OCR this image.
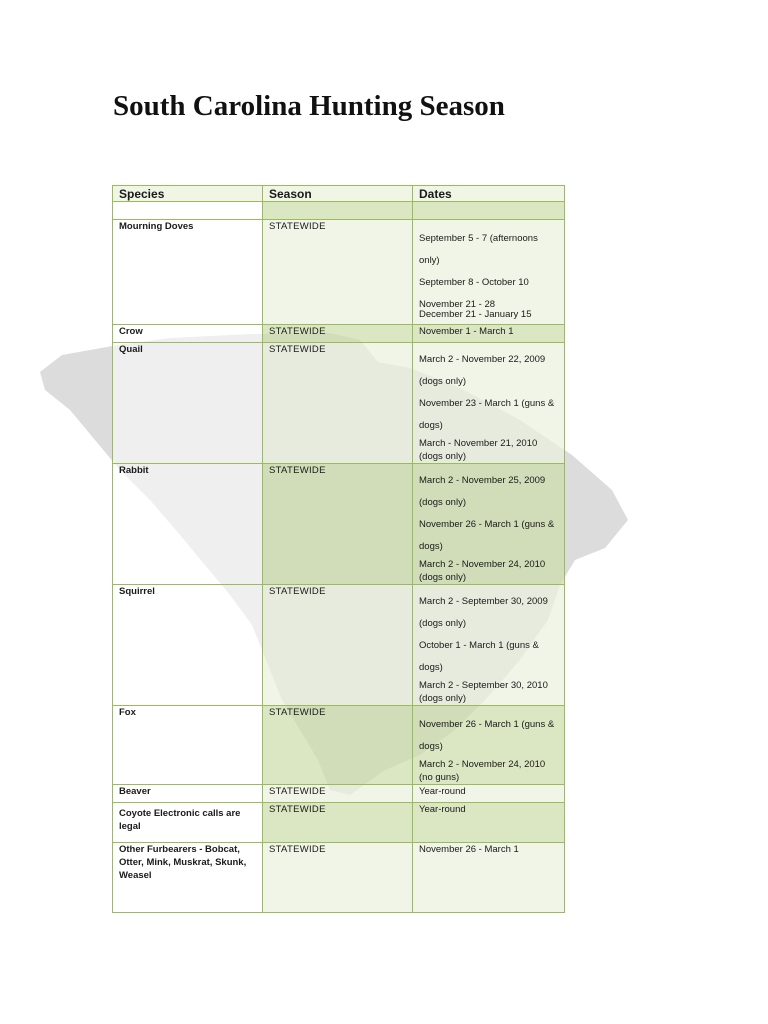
South Carolina Hunting Season
Species	Season	Dates

Mourning Doves	STATEWIDE	September 5 - 7 (afternoons only)
September 8 - October 10
November 21 - 28
December 21 - January 15

Crow	STATEWIDE	November 1 - March 1

Quail	STATEWIDE	March 2 - November 22, 2009 (dogs only)
November 23 - March 1 (guns & dogs)
March - November 21, 2010 (dogs only)

Rabbit	STATEWIDE	March 2 - November 25, 2009 (dogs only)
November 26 - March 1 (guns & dogs)
March 2 - November 24, 2010 (dogs only)

Squirrel	STATEWIDE	March 2 - September 30, 2009 (dogs only)
October 1 - March 1 (guns & dogs)
March 2 - September 30, 2010 (dogs only)

Fox	STATEWIDE	November 26 - March 1 (guns & dogs)
March 2 - November 24, 2010 (no guns)

Beaver	STATEWIDE	Year-round

Coyote Electronic calls are legal	STATEWIDE	Year-round

Other Furbearers - Bobcat, Otter, Mink, Muskrat, Skunk, Weasel	STATEWIDE	November 26 - March 1
